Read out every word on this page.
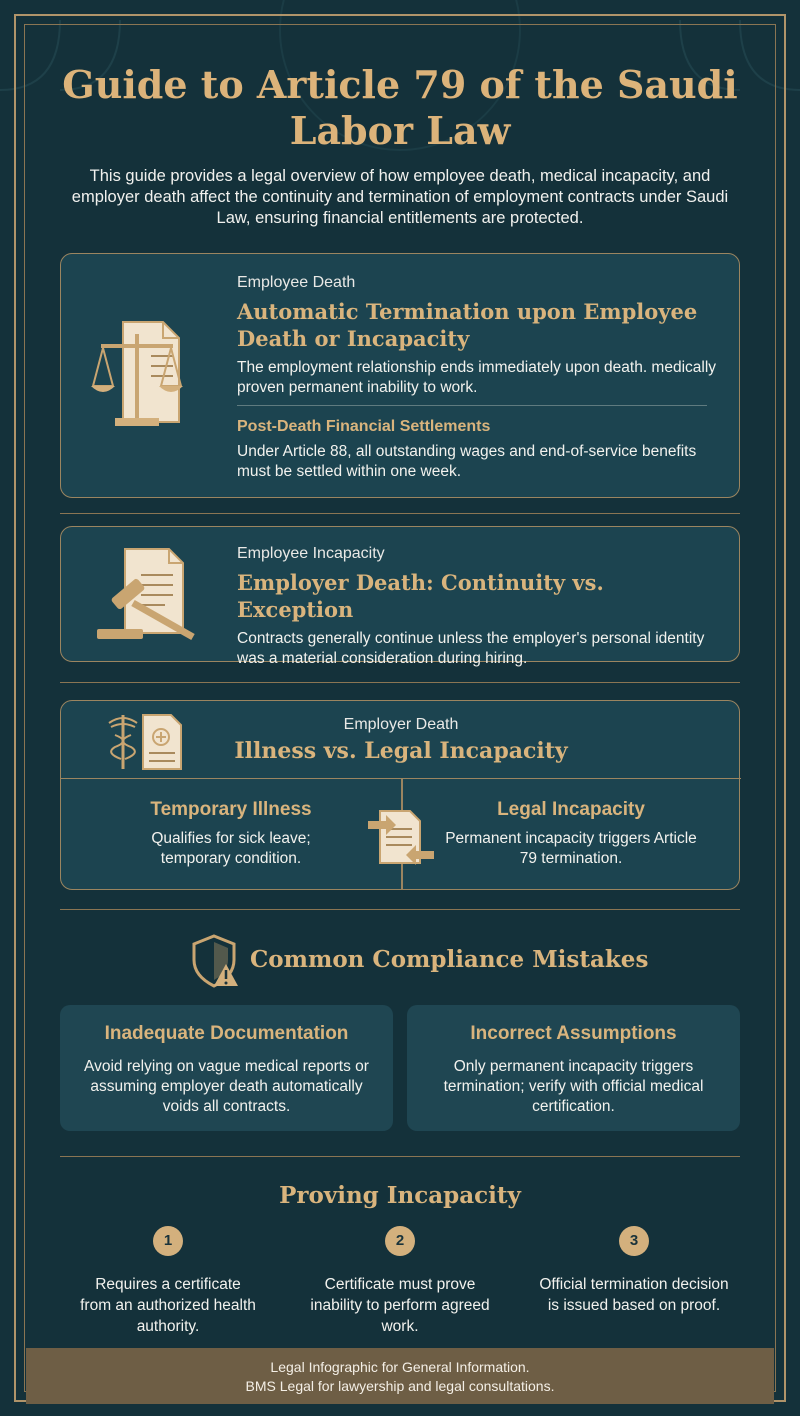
Guide to Article 79 of the Saudi Labor Law
This guide provides a legal overview of how employee death, medical incapacity, and employer death affect the continuity and termination of employment contracts under Saudi Law, ensuring financial entitlements are protected.
Employee Death
Automatic Termination upon Employee Death or Incapacity
The employment relationship ends immediately upon death. medically proven permanent inability to work.
Post-Death Financial Settlements
Under Article 88, all outstanding wages and end-of-service benefits must be settled within one week.
Employee Incapacity
Employer Death: Continuity vs. Exception
Contracts generally continue unless the employer's personal identity was a material consideration during hiring.
Employer Death
Illness vs. Legal Incapacity
Temporary Illness
Qualifies for sick leave; temporary condition.
Legal Incapacity
Permanent incapacity triggers Article 79 termination.
Common Compliance Mistakes
Inadequate Documentation
Avoid relying on vague medical reports or assuming employer death automatically voids all contracts.
Incorrect Assumptions
Only permanent incapacity triggers termination; verify with official medical certification.
Proving Incapacity
1
Requires a certificate from an authorized health authority.
2
Certificate must prove inability to perform agreed work.
3
Official termination decision is issued based on proof.
Legal Infographic for General Information.
BMS Legal for lawyership and legal consultations.
